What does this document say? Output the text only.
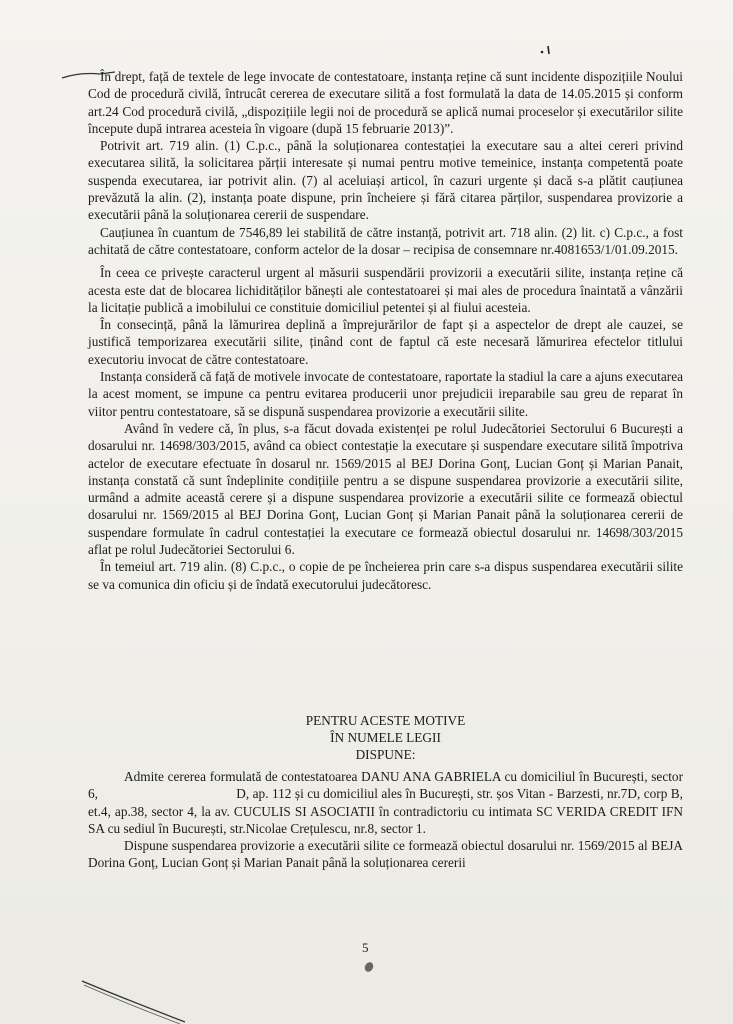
În drept, față de textele de lege invocate de contestatoare, instanța reține că sunt incidente dispozițiile Noului Cod de procedură civilă, întrucât cererea de executare silită a fost formulată la data de 14.05.2015 și conform art.24 Cod procedură civilă, „dispozițiile legii noi de procedură se aplică numai proceselor și executărilor silite începute după intrarea acesteia în vigoare (după 15 februarie 2013)”.

Potrivit art. 719 alin. (1) C.p.c., până la soluționarea contestației la executare sau a altei cereri privind executarea silită, la solicitarea părții interesate și numai pentru motive temeinice, instanța competentă poate suspenda executarea, iar potrivit alin. (7) al aceluiași articol, în cazuri urgente și dacă s-a plătit cauțiunea prevăzută la alin. (2), instanța poate dispune, prin încheiere și fără citarea părților, suspendarea provizorie a executării până la soluționarea cererii de suspendare.

Cauțiunea în cuantum de 7546,89 lei stabilită de către instanță, potrivit art. 718 alin. (2) lit. c) C.p.c., a fost achitată de către contestatoare, conform actelor de la dosar – recipisa de consemnare nr.4081653/1/01.09.2015.

În ceea ce privește caracterul urgent al măsurii suspendării provizorii a executării silite, instanța reține că acesta este dat de blocarea lichidităților bănești ale contestatoarei și mai ales de procedura înaintată a vânzării la licitație publică a imobilului ce constituie domiciliul petentei și al fiului acesteia.

În consecință, până la lămurirea deplină a împrejurărilor de fapt și a aspectelor de drept ale cauzei, se justifică temporizarea executării silite, ținând cont de faptul că este necesară lămurirea efectelor titlului executoriu invocat de către contestatoare.

Instanța consideră că față de motivele invocate de contestatoare, raportate la stadiul la care a ajuns executarea la acest moment, se impune ca pentru evitarea producerii unor prejudicii ireparabile sau greu de reparat în viitor pentru contestatoare, să se dispună suspendarea provizorie a executării silite.

Având în vedere că, în plus, s-a făcut dovada existenței pe rolul Judecătoriei Sectorului 6 București a dosarului nr. 14698/303/2015, având ca obiect contestație la executare și suspendare executare silită împotriva actelor de executare efectuate în dosarul nr. 1569/2015 al BEJ Dorina Gonț, Lucian Gonț și Marian Panait, instanța constată că sunt îndeplinite condițiile pentru a se dispune suspendarea provizorie a executării silite, urmând a admite această cerere și a dispune suspendarea provizorie a executării silite ce formează obiectul dosarului nr. 1569/2015 al BEJ Dorina Gonț, Lucian Gonț și Marian Panait până la soluționarea cererii de suspendare formulate în cadrul contestației la executare ce formează obiectul dosarului nr. 14698/303/2015 aflat pe rolul Judecătoriei Sectorului 6.

În temeiul art. 719 alin. (8) C.p.c., o copie de pe încheierea prin care s-a dispus suspendarea executării silite se va comunica din oficiu și de îndată executorului judecătoresc.

PENTRU ACESTE MOTIVE
ÎN NUMELE LEGII
DISPUNE:

Admite cererea formulată de contestatoarea DANU ANA GABRIELA cu domiciliul în București, sector 6,                                        D, ap. 112 și cu domiciliul ales în București, str. șos Vitan - Barzesti, nr.7D, corp B, et.4, ap.38, sector 4, la av. CUCULIS SI ASOCIATII în contradictoriu cu intimata SC VERIDA CREDIT IFN SA cu sediul în București, str.Nicolae Crețulescu, nr.8, sector 1.

Dispune suspendarea provizorie a executării silite ce formează obiectul dosarului nr. 1569/2015 al BEJA Dorina Gonț, Lucian Gonț și Marian Panait până la soluționarea cererii

5
